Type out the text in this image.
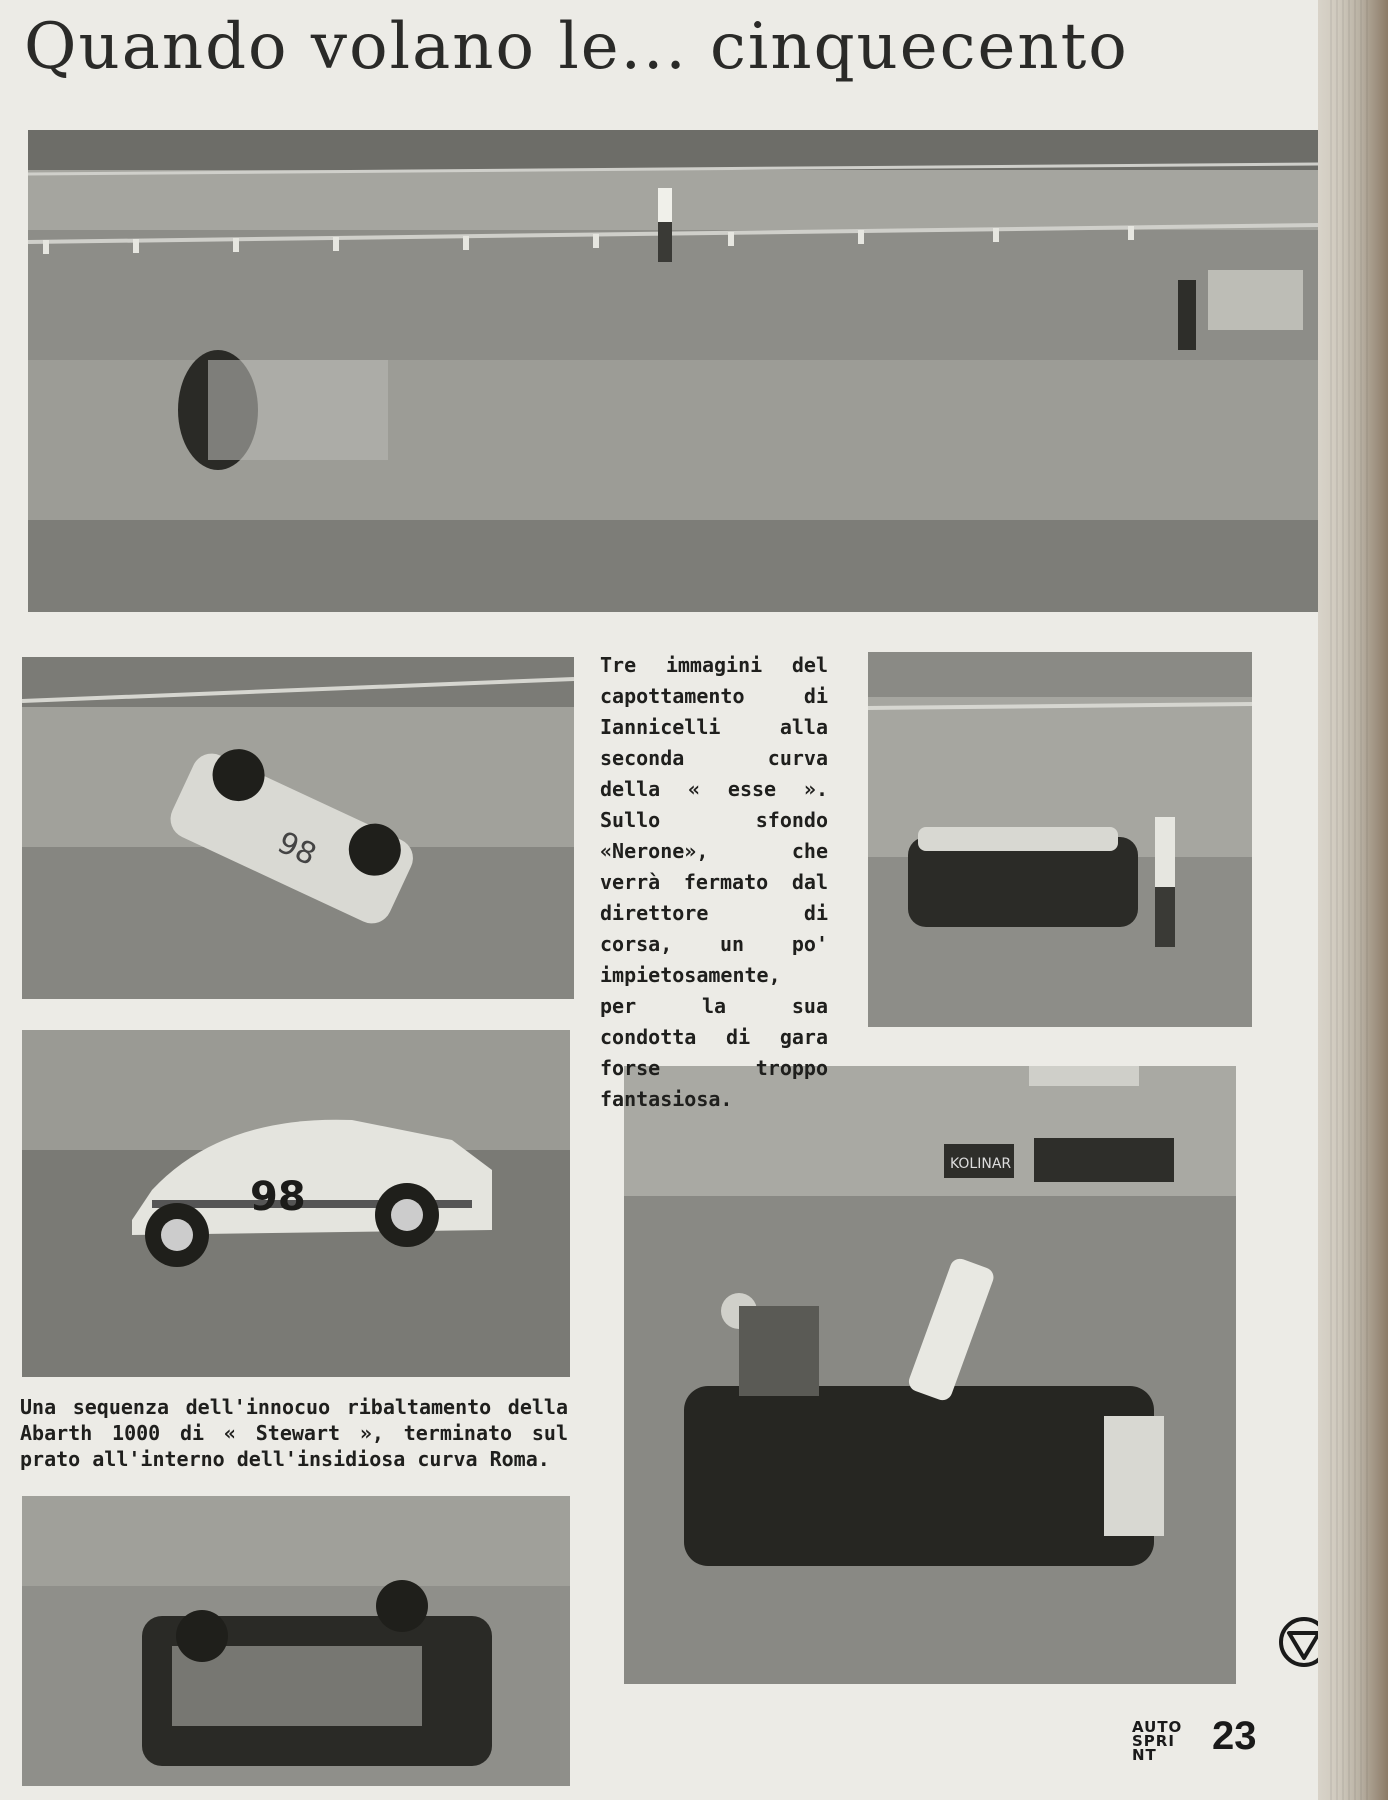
Quando volano le... cinquecento
98
98
KOLINAR
Tre immagini del capottamento di Iannicelli alla seconda curva della « esse ». Sullo sfondo «Nerone», che verrà fermato dal direttore di corsa, un po' impietosamente, per la sua condotta di gara forse troppo fantasiosa.
Una sequenza dell'innocuo ribaltamento della Abarth 1000 di « Stewart », terminato sul prato all'interno dell'insidiosa curva Roma.
AUTO
SPRI
NT	23
